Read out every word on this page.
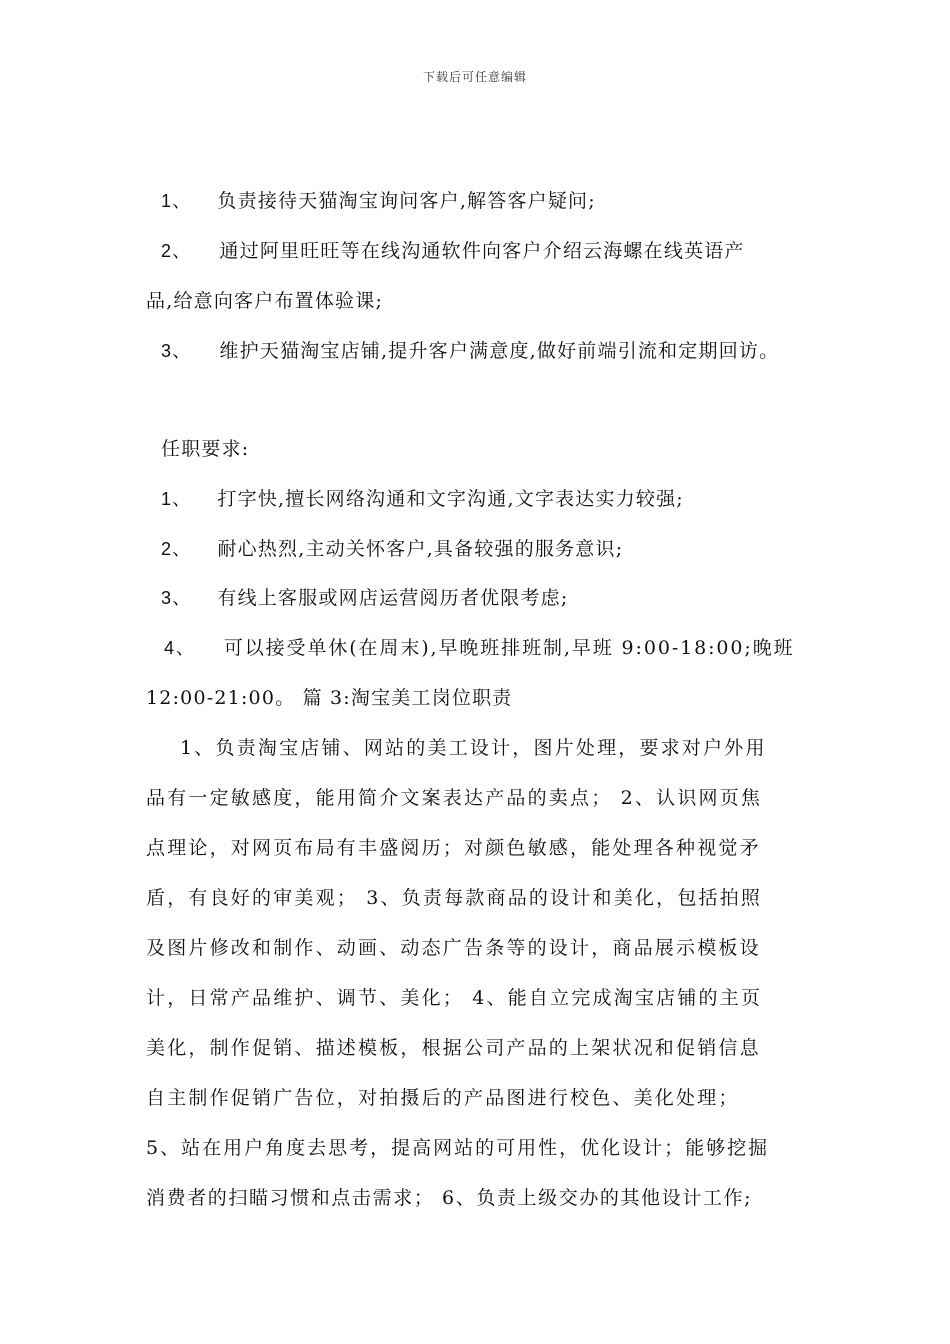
下载后可任意编辑
1、 负责接待天猫淘宝询问客户,解答客户疑问;
2、 通过阿里旺旺等在线沟通软件向客户介绍云海螺在线英语产
品,给意向客户布置体验课;
3、 维护天猫淘宝店铺,提升客户满意度,做好前端引流和定期回访。
任职要求:
1、 打字快,擅长网络沟通和文字沟通,文字表达实力较强;
2、 耐心热烈,主动关怀客户,具备较强的服务意识;
3、 有线上客服或网店运营阅历者优限考虑;
4、 可以接受单休(在周末),早晚班排班制,早班 9:00-18:00;晚班
12:00-21:00。 篇 3:淘宝美工岗位职责
1、负责淘宝店铺、网站的美工设计，图片处理，要求对户外用
品有一定敏感度，能用简介文案表达产品的卖点； 2、认识网页焦
点理论，对网页布局有丰盛阅历；对颜色敏感，能处理各种视觉矛
盾，有良好的审美观； 3、负责每款商品的设计和美化，包括拍照
及图片修改和制作、动画、动态广告条等的设计，商品展示模板设
计，日常产品维护、调节、美化； 4、能自立完成淘宝店铺的主页
美化，制作促销、描述模板，根据公司产品的上架状况和促销信息
自主制作促销广告位，对拍摄后的产品图进行校色、美化处理；
5、站在用户角度去思考，提高网站的可用性，优化设计；能够挖掘
消费者的扫瞄习惯和点击需求； 6、负责上级交办的其他设计工作;
